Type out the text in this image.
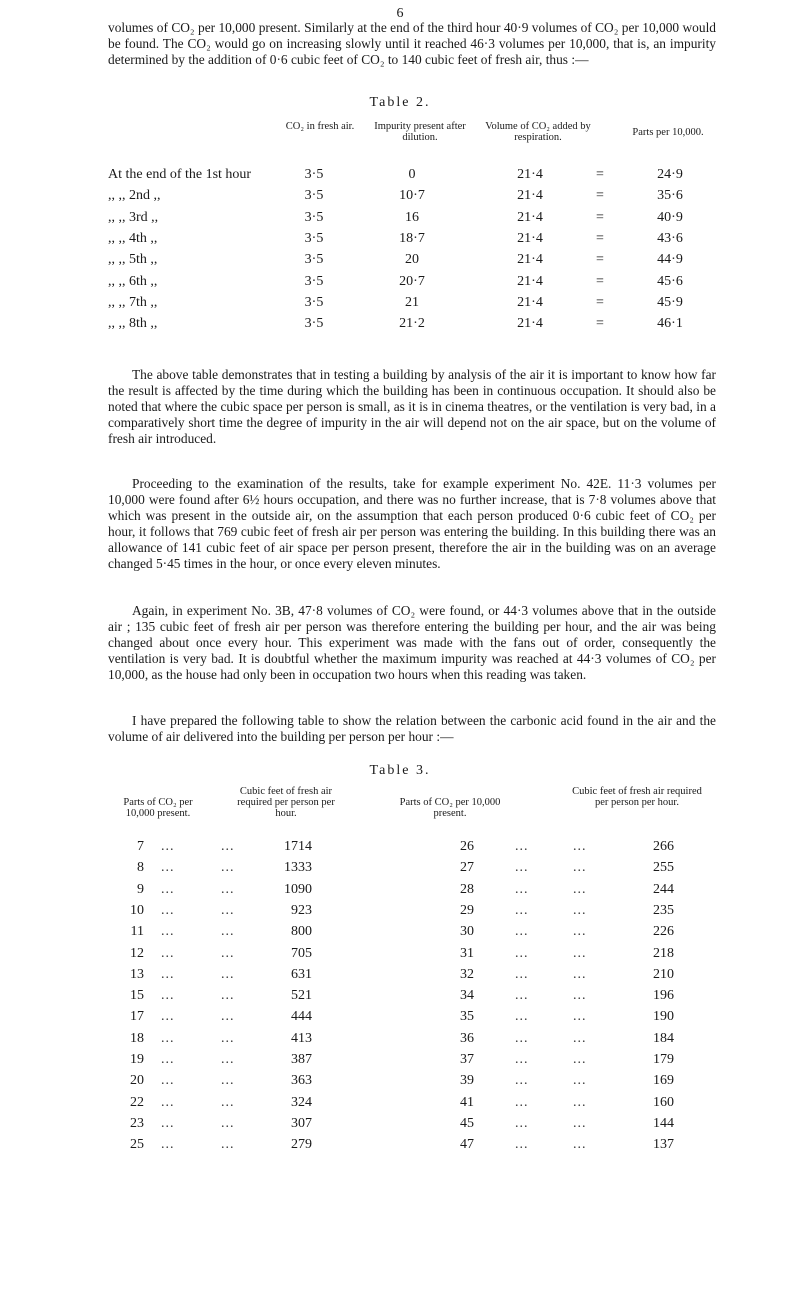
6

volumes of CO₂ per 10,000 present. Similarly at the end of the third hour 40·9 volumes of CO₂ per 10,000 would be found. The CO₂ would go on increasing slowly until it reached 46·3 volumes per 10,000, that is, an impurity determined by the addition of 0·6 cubic feet of CO₂ to 140 cubic feet of fresh air, thus :—

Table 2.
CO₂ in fresh air.	Impurity present after dilution.
Volume of CO₂ added by respiration.	Parts per 10,000.
At the end of the 1st hour	3·5	0	21·4	=	24·9
,, ,, 2nd ,,	3·5	10·7	21·4	=	35·6
,, ,, 3rd ,,	3·5	16	21·4	=	40·9
,, ,, 4th ,,	3·5	18·7	21·4	=	43·6
,, ,, 5th ,,	3·5	20	21·4	=	44·9
,, ,, 6th ,,	3·5	20·7	21·4	=	45·6
,, ,, 7th ,,	3·5	21	21·4	=	45·9
,, ,, 8th ,,	3·5	21·2	21·4	=	46·1

The above table demonstrates that in testing a building by analysis of the air it is important to know how far the result is affected by the time during which the building has been in continuous occupation. It should also be noted that where the cubic space per person is small, as it is in cinema theatres, or the ventilation is very bad, in a comparatively short time the degree of impurity in the air will depend not on the air space, but on the volume of fresh air introduced.

Proceeding to the examination of the results, take for example experiment No. 42E. 11·3 volumes per 10,000 were found after 6½ hours occupation, and there was no further increase, that is 7·8 volumes above that which was present in the outside air, on the assumption that each person produced 0·6 cubic feet of CO₂ per hour, it follows that 769 cubic feet of fresh air per person was entering the building. In this building there was an allowance of 141 cubic feet of air space per person present, therefore the air in the building was on an average changed 5·45 times in the hour, or once every eleven minutes.

Again, in experiment No. 3B, 47·8 volumes of CO₂ were found, or 44·3 volumes above that in the outside air ; 135 cubic feet of fresh air per person was therefore entering the building per hour, and the air was being changed about once every hour. This experiment was made with the fans out of order, consequently the ventilation is very bad. It is doubtful whether the maximum impurity was reached at 44·3 volumes of CO₂ per 10,000, as the house had only been in occupation two hours when this reading was taken.

I have prepared the following table to show the relation between the carbonic acid found in the air and the volume of air delivered into the building per person per hour :—

Table 3.
Parts of CO₂ per 10,000 present.
Cubic feet of fresh air required per person per hour.
Parts of CO₂ per 10,000 present.
Cubic feet of fresh air required per person per hour.
7 ...	...	1714	26	...	...	266
8 ...	...	1333	27	...	...	255
9 ...	...	1090	28	...	...	244
10 ...	...	923	29	...	...	235
11 ...	...	800	30	...	...	226
12 ...	...	705	31	...	...	218
13 ...	...	631	32	...	...	210
15 ...	...	521	34	...	...	196
17 ...	...	444	35	...	...	190
18 ...	...	413	36	...	...	184
19 ...	...	387	37	...	...	179
20 ...	...	363	39	...	...	169
22 ...	...	324	41	...	...	160
23 ...	...	307	45	...	...	144
25 ...	...	279	47	...	...	137
